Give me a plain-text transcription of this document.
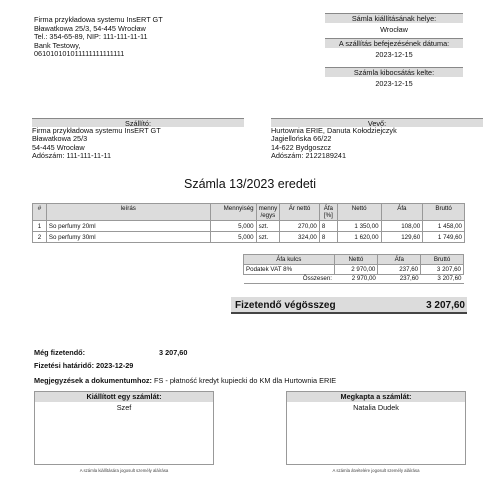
Firma przykładowa systemu InsERT GT
Bławatkowa 25/3, 54-445 Wrocław
Tel.: 354-65-89, NIP: 111-111-11-11
Bank Testowy,
061010101011111111111111
Sámla kiállításának helye:
Wrocław
A szállítás befejezésének dátuma:
2023-12-15
Számla kibocsátás kelte:
2023-12-15
Szállító:
Firma przykładowa systemu InsERT GT
Bławatkowa 25/3
54-445 Wrocław
Adószám: 111-111-11-11
Vevő:
Hurtownia ERIE, Danuta Kołodziejczyk
Jagiellońska 66/22
14-622 Bydgoszcz
Adószám: 2122189241
Számla 13/2023 eredeti
#	leírás	Mennyiség	menny /egys	Ár nettó	Áfa [%]	Nettó	Áfa	Bruttó
1	So perfumy 20ml	5,000	szt.	270,00	8	1 350,00	108,00	1 458,00
2	So perfumy 30ml	5,000	szt.	324,00	8	1 620,00	129,60	1 749,60
Áfa kulcs	Nettó	Áfa	Bruttó
Podatek VAT 8%	2 970,00	237,60	3 207,60
Összesen:	2 970,00	237,60	3 207,60
Fizetendő végösszeg	3 207,60
Még fizetendő:	3 207,60
Fizetési határidő: 2023-12-29
Megjegyzések a dokumentumhoz: FS - płatność kredyt kupiecki do KM dla Hurtownia ERIE
Kiállított egy számlát:
Szef
A számla kiállítására jogosult személy aláírása
Megkapta a számlát:
Natalia Dudek
A számla átvételére jogosult személy aláírása
